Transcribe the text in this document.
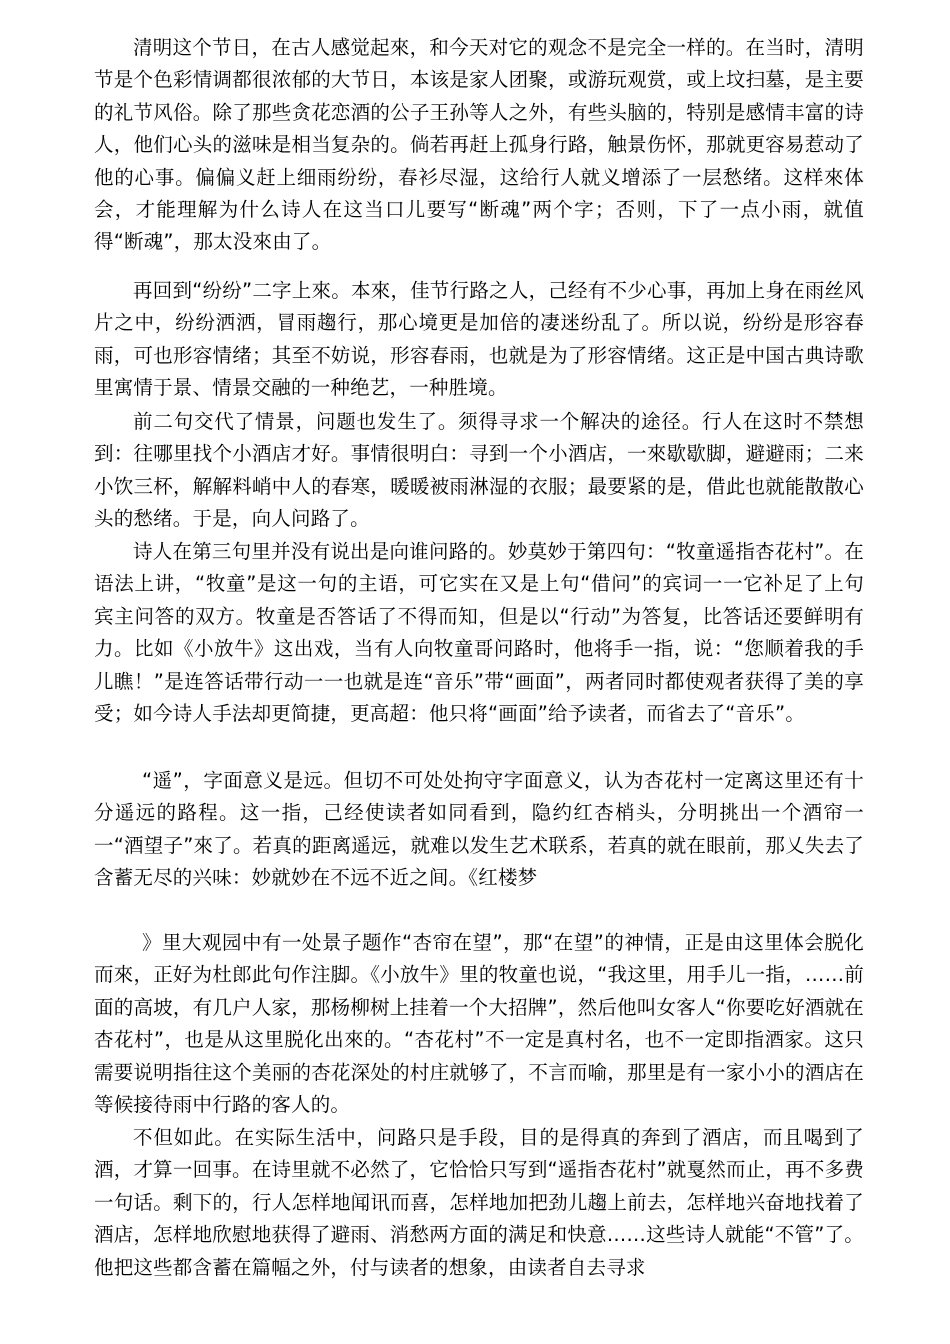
清明这个节日，在古人感觉起來，和今天对它的观念不是完全一样的。在当时，清明节是个色彩情调都很浓郁的大节日，本该是家人团聚，或游玩观赏，或上坟扫墓，是主要的礼节风俗。除了那些贪花恋酒的公子王孙等人之外，有些头脑的，特别是感情丰富的诗人，他们心头的滋味是相当复杂的。倘若再赶上孤身行路，触景伤怀，那就更容易惹动了他的心事。偏偏义赶上细雨纷纷，春衫尽湿，这给行人就义增添了一层愁绪。这样來体会，才能理解为什么诗人在这当口儿要写“断魂”两个字；否则，下了一点小雨，就值得“断魂”，那太没來由了。

再回到“纷纷”二字上來。本來，佳节行路之人，己经有不少心事，再加上身在雨丝风片之中，纷纷洒洒，冒雨趨行，那心境更是加倍的凄迷纷乱了。所以说，纷纷是形容春雨，可也形容情绪；其至不妨说，形容春雨，也就是为了形容情绪。这正是中国古典诗歌里寓情于景、情景交融的一种绝艺，一种胜境。

前二句交代了情景，问题也发生了。须得寻求一个解决的途径。行人在这时不禁想到：往哪里找个小酒店才好。事情很明白：寻到一个小酒店，一來歇歇脚，避避雨；二来小饮三杯，解解料峭中人的春寒，暖暖被雨淋湿的衣服；最要紧的是，借此也就能散散心头的愁绪。于是，向人问路了。

诗人在第三句里并没有说出是向谁问路的。妙莫妙于第四句：“牧童遥指杏花村”。在语法上讲，“牧童”是这一句的主语，可它实在又是上句“借问”的宾词一一它补足了上句宾主问答的双方。牧童是否答话了不得而知，但是以“行动”为答复，比答话还要鲜明有力。比如《小放牛》这出戏，当有人向牧童哥问路时，他将手一指，说：“您顺着我的手儿瞧！”是连答话带行动一一也就是连“音乐”带“画面”，两者同时都使观者获得了美的享受；如今诗人手法却更简捷，更高超：他只将“画面”给予读者，而省去了“音乐”。

“遥”，字面意义是远。但切不可处处拘守字面意义，认为杏花村一定离这里还有十分遥远的路程。这一指，己经使读者如同看到，隐约红杏梢头，分明挑出一个酒帘一一“酒望子”來了。若真的距离遥远，就难以发生艺术联系，若真的就在眼前，那乂失去了含蓄无尽的兴味：妙就妙在不远不近之间。《红楼梦

》里大观园中有一处景子题作“杏帘在望”，那“在望”的神情，正是由这里体会脱化而來，正好为杜郎此句作注脚。《小放牛》里的牧童也说，“我这里，用手儿一指，……前面的高坡，有几户人家，那杨柳树上挂着一个大招牌”，然后他叫女客人“你要吃好酒就在杏花村”，也是从这里脱化出來的。“杏花村”不一定是真村名，也不一定即指酒家。这只需要说明指往这个美丽的杏花深处的村庄就够了，不言而喻，那里是有一家小小的酒店在等候接待雨中行路的客人的。

不但如此。在实际生活中，问路只是手段，目的是得真的奔到了酒店，而且喝到了酒，才算一回事。在诗里就不必然了，它恰恰只写到“遥指杏花村”就戛然而止，再不多费一句话。剩下的，行人怎样地闻讯而喜，怎样地加把劲儿趨上前去，怎样地兴奋地找着了酒店，怎样地欣慰地获得了避雨、消愁两方面的满足和快意……这些诗人就能“不管”了。他把这些都含蓄在篇幅之外，付与读者的想象，由读者自去寻求
